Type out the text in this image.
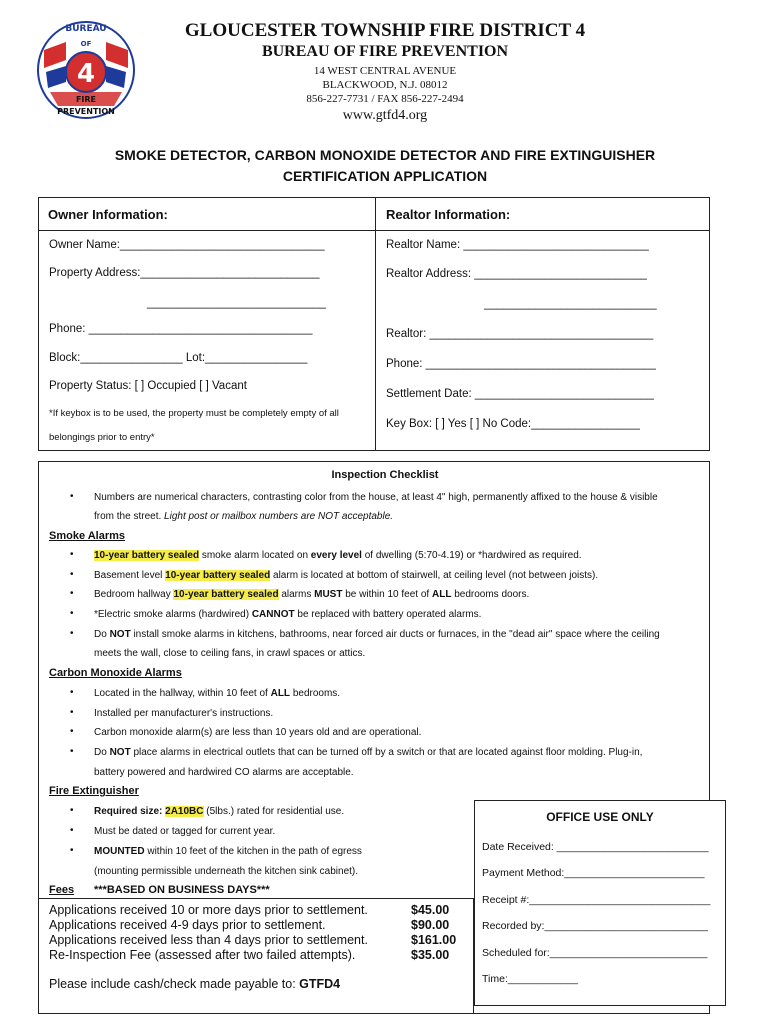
BUREAU
OF
4
FIRE
PREVENTION
GLOUCESTER TOWNSHIP FIRE DISTRICT 4
BUREAU OF FIRE PREVENTION
14 WEST CENTRAL AVENUE
BLACKWOOD, N.J. 08012
856-227-7731 / FAX 856-227-2494
www.gtfd4.org
SMOKE DETECTOR, CARBON MONOXIDE DETECTOR AND FIRE EXTINGUISHER
CERTIFICATION APPLICATION
Owner Information:	Realtor Information:
Owner Name:________________________________
Property Address:____________________________
____________________________
Phone: ___________________________________
Block:________________ Lot:________________
Property Status: [ ] Occupied [ ] Vacant
*If keybox is to be used, the property must be completely empty of all
belongings prior to entry*
Realtor Name: _____________________________
Realtor Address: ___________________________
___________________________
Realtor: ___________________________________
Phone: ____________________________________
Settlement Date: ____________________________
Key Box: [ ] Yes [ ] No Code:_________________
Inspection Checklist
• Numbers are numerical characters, contrasting color from the house, at least 4" high, permanently affixed to the house & visible
from the street. Light post or mailbox numbers are NOT acceptable.
Smoke Alarms
• 10-year battery sealed smoke alarm located on every level of dwelling (5:70-4.19) or *hardwired as required.
• Basement level 10-year battery sealed alarm is located at bottom of stairwell, at ceiling level (not between joists).
• Bedroom hallway 10-year battery sealed alarms MUST be within 10 feet of ALL bedrooms doors.
• *Electric smoke alarms (hardwired) CANNOT be replaced with battery operated alarms.
• Do NOT install smoke alarms in kitchens, bathrooms, near forced air ducts or furnaces, in the "dead air" space where the ceiling
meets the wall, close to ceiling fans, in crawl spaces or attics.
Carbon Monoxide Alarms
• Located in the hallway, within 10 feet of ALL bedrooms.
• Installed per manufacturer's instructions.
• Carbon monoxide alarm(s) are less than 10 years old and are operational.
• Do NOT place alarms in electrical outlets that can be turned off by a switch or that are located against floor molding. Plug-in,
battery powered and hardwired CO alarms are acceptable.
Fire Extinguisher
• Required size: 2A10BC (5lbs.) rated for residential use.
• Must be dated or tagged for current year.
• MOUNTED within 10 feet of the kitchen in the path of egress
(mounting permissible underneath the kitchen sink cabinet).
Fees ***BASED ON BUSINESS DAYS***
Applications received 10 or more days prior to settlement.	$45.00
Applications received 4-9 days prior to settlement.	$90.00
Applications received less than 4 days prior to settlement.	$161.00
Re-Inspection Fee (assessed after two failed attempts).	$35.00
Please include cash/check made payable to: GTFD4
OFFICE USE ONLY
Date Received: __________________________
Payment Method:________________________
Receipt #:_______________________________
Recorded by:____________________________
Scheduled for:___________________________
Time:____________
